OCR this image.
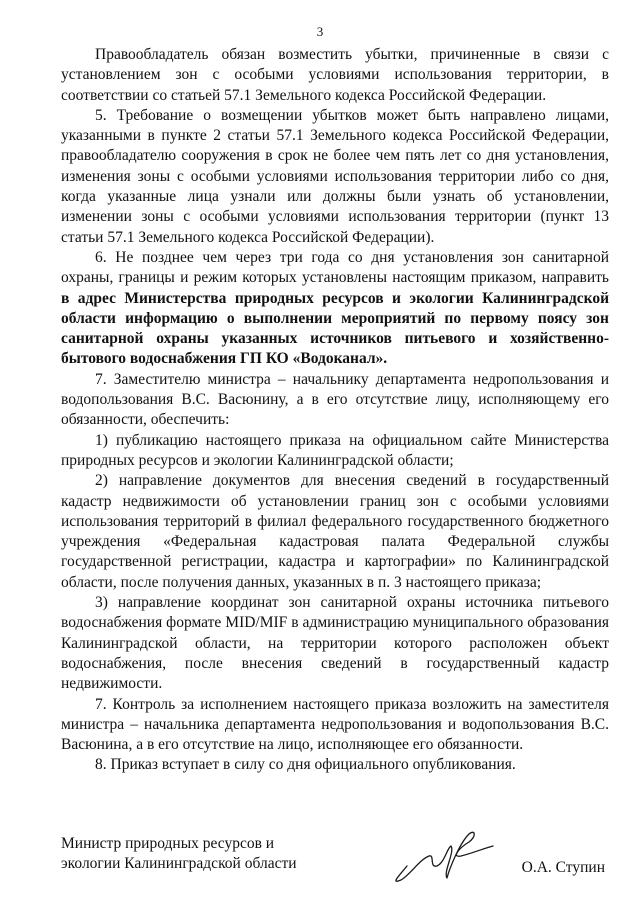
3

Правообладатель обязан возместить убытки, причиненные в связи с установлением зон с особыми условиями использования территории, в соответствии со статьей 57.1 Земельного кодекса Российской Федерации.

5. Требование о возмещении убытков может быть направлено лицами, указанными в пункте 2 статьи 57.1 Земельного кодекса Российской Федерации, правообладателю сооружения в срок не более чем пять лет со дня установления, изменения зоны с особыми условиями использования территории либо со дня, когда указанные лица узнали или должны были узнать об установлении, изменении зоны с особыми условиями использования территории (пункт 13 статьи 57.1 Земельного кодекса Российской Федерации).

6. Не позднее чем через три года со дня установления зон санитарной охраны, границы и режим которых установлены настоящим приказом, направить в адрес Министерства природных ресурсов и экологии Калининградской области информацию о выполнении мероприятий по первому поясу зон санитарной охраны указанных источников питьевого и хозяйственно-бытового водоснабжения ГП КО «Водоканал».

7. Заместителю министра – начальнику департамента недропользования и водопользования В.С. Васюнину, а в его отсутствие лицу, исполняющему его обязанности, обеспечить:

1) публикацию настоящего приказа на официальном сайте Министерства природных ресурсов и экологии Калининградской области;

2) направление документов для внесения сведений в государственный кадастр недвижимости об установлении границ зон с особыми условиями использования территорий в филиал федерального государственного бюджетного учреждения «Федеральная кадастровая палата Федеральной службы государственной регистрации, кадастра и картографии» по Калининградской области, после получения данных, указанных в п. 3 настоящего приказа;

3) направление координат зон санитарной охраны источника питьевого водоснабжения формате MID/MIF в администрацию муниципального образования Калининградской области, на территории которого расположен объект водоснабжения, после внесения сведений в государственный кадастр недвижимости.

7. Контроль за исполнением настоящего приказа возложить на заместителя министра – начальника департамента недропользования и водопользования В.С. Васюнина, а в его отсутствие на лицо, исполняющее его обязанности.

8. Приказ вступает в силу со дня официального опубликования.

Министр природных ресурсов и
экологии Калининградской области	О.А. Ступин
